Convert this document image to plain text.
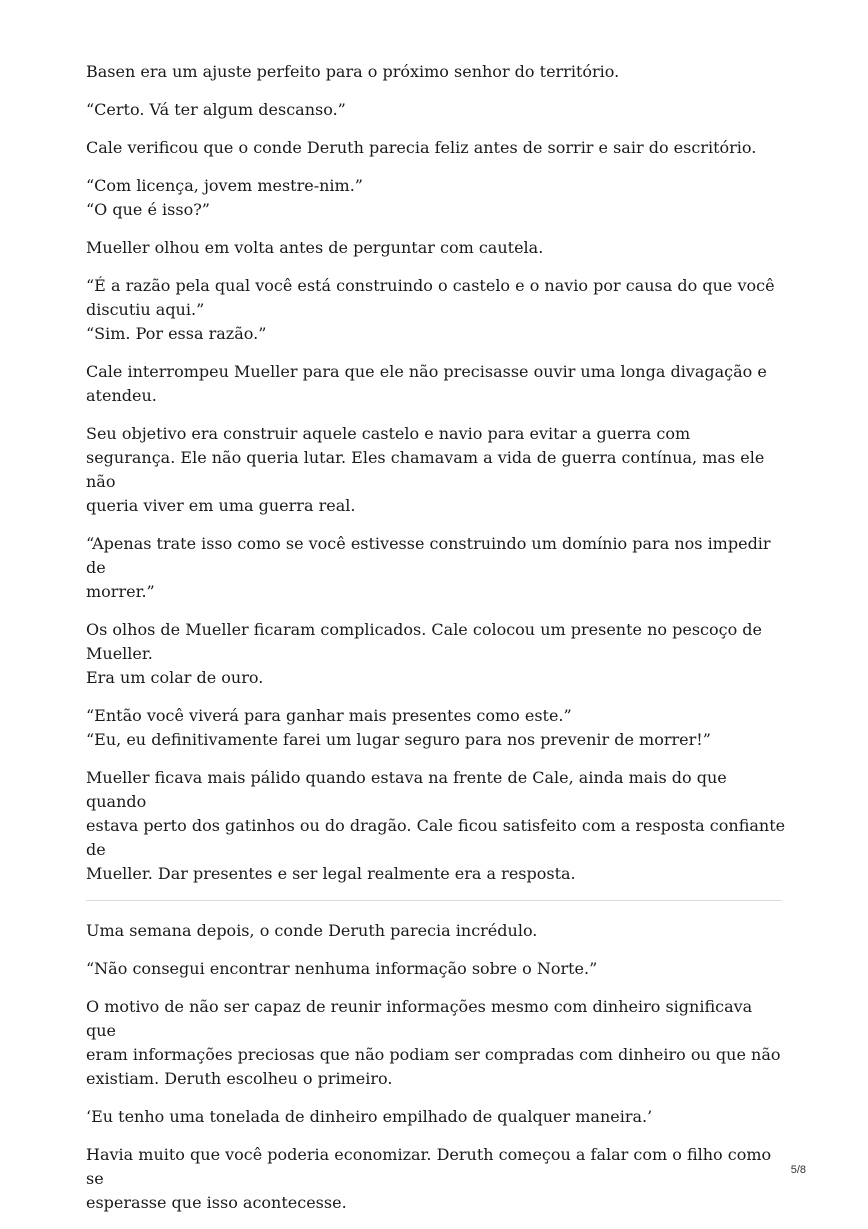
Basen era um ajuste perfeito para o próximo senhor do território.

“Certo. Vá ter algum descanso.”

Cale verificou que o conde Deruth parecia feliz antes de sorrir e sair do escritório.

“Com licença, jovem mestre-nim.”
“O que é isso?”

Mueller olhou em volta antes de perguntar com cautela.

“É a razão pela qual você está construindo o castelo e o navio por causa do que você
discutiu aqui.”
“Sim. Por essa razão.”

Cale interrompeu Mueller para que ele não precisasse ouvir uma longa divagação e
atendeu.

Seu objetivo era construir aquele castelo e navio para evitar a guerra com
segurança. Ele não queria lutar. Eles chamavam a vida de guerra contínua, mas ele não
queria viver em uma guerra real.

“Apenas trate isso como se você estivesse construindo um domínio para nos impedir de
morrer.”

Os olhos de Mueller ficaram complicados. Cale colocou um presente no pescoço de
Mueller.
Era um colar de ouro.

“Então você viverá para ganhar mais presentes como este.”
“Eu, eu definitivamente farei um lugar seguro para nos prevenir de morrer!”

Mueller ficava mais pálido quando estava na frente de Cale, ainda mais do que quando
estava perto dos gatinhos ou do dragão. Cale ficou satisfeito com a resposta confiante de
Mueller. Dar presentes e ser legal realmente era a resposta.

Uma semana depois, o conde Deruth parecia incrédulo.

“Não consegui encontrar nenhuma informação sobre o Norte.”

O motivo de não ser capaz de reunir informações mesmo com dinheiro significava que
eram informações preciosas que não podiam ser compradas com dinheiro ou que não
existiam. Deruth escolheu o primeiro.

‘Eu tenho uma tonelada de dinheiro empilhado de qualquer maneira.’

Havia muito que você poderia economizar. Deruth começou a falar com o filho como se
esperasse que isso acontecesse.

5/8
